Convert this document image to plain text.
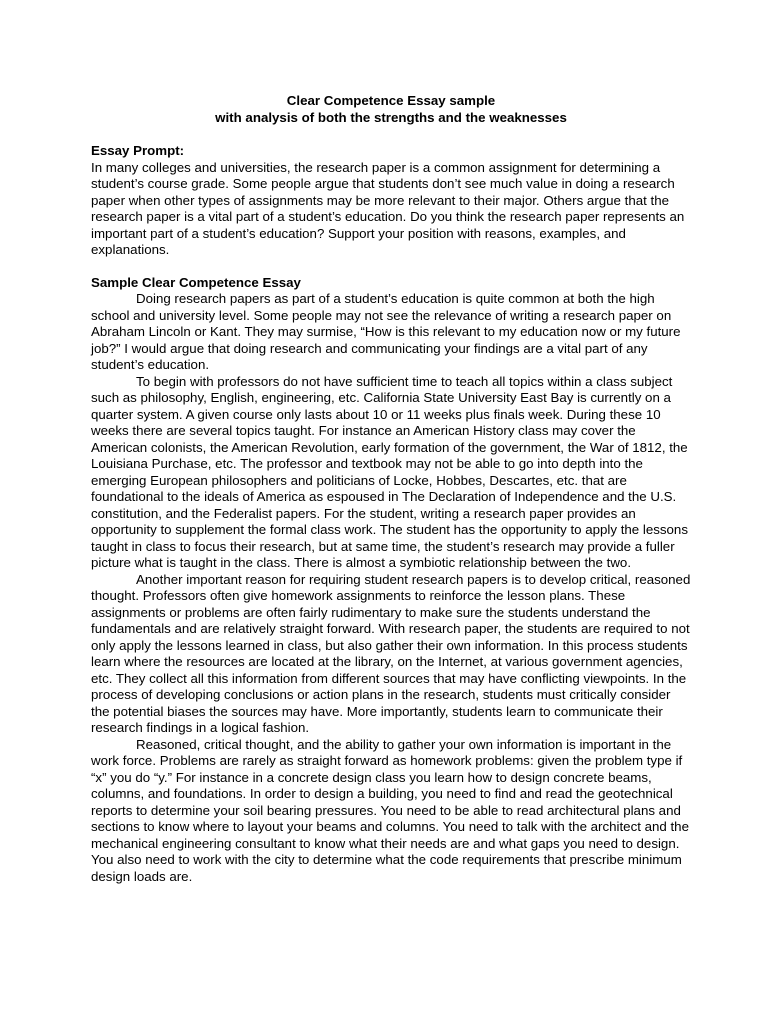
Clear Competence Essay sample
with analysis of both the strengths and the weaknesses
Essay Prompt:

In many colleges and universities, the research paper is a common assignment for determining a student’s course grade. Some people argue that students don’t see much value in doing a research paper when other types of assignments may be more relevant to their major. Others argue that the research paper is a vital part of a student’s education. Do you think the research paper represents an important part of a student’s education? Support your position with reasons, examples, and explanations.

Sample Clear Competence Essay

Doing research papers as part of a student’s education is quite common at both the high school and university level. Some people may not see the relevance of writing a research paper on Abraham Lincoln or Kant. They may surmise, “How is this relevant to my education now or my future job?” I would argue that doing research and communicating your findings are a vital part of any student’s education.

To begin with professors do not have sufficient time to teach all topics within a class subject such as philosophy, English, engineering, etc. California State University East Bay is currently on a quarter system. A given course only lasts about 10 or 11 weeks plus finals week. During these 10 weeks there are several topics taught. For instance an American History class may cover the American colonists, the American Revolution, early formation of the government, the War of 1812, the Louisiana Purchase, etc. The professor and textbook may not be able to go into depth into the emerging European philosophers and politicians of Locke, Hobbes, Descartes, etc. that are foundational to the ideals of America as espoused in The Declaration of Independence and the U.S. constitution, and the Federalist papers. For the student, writing a research paper provides an opportunity to supplement the formal class work. The student has the opportunity to apply the lessons taught in class to focus their research, but at same time, the student’s research may provide a fuller picture what is taught in the class. There is almost a symbiotic relationship between the two.

Another important reason for requiring student research papers is to develop critical, reasoned thought. Professors often give homework assignments to reinforce the lesson plans. These assignments or problems are often fairly rudimentary to make sure the students understand the fundamentals and are relatively straight forward. With research paper, the students are required to not only apply the lessons learned in class, but also gather their own information. In this process students learn where the resources are located at the library, on the Internet, at various government agencies, etc. They collect all this information from different sources that may have conflicting viewpoints. In the process of developing conclusions or action plans in the research, students must critically consider the potential biases the sources may have. More importantly, students learn to communicate their research findings in a logical fashion.

Reasoned, critical thought, and the ability to gather your own information is important in the work force. Problems are rarely as straight forward as homework problems: given the problem type if “x” you do “y.” For instance in a concrete design class you learn how to design concrete beams, columns, and foundations. In order to design a building, you need to find and read the geotechnical reports to determine your soil bearing pressures. You need to be able to read architectural plans and sections to know where to layout your beams and columns. You need to talk with the architect and the mechanical engineering consultant to know what their needs are and what gaps you need to design. You also need to work with the city to determine what the code requirements that prescribe minimum design loads are.
